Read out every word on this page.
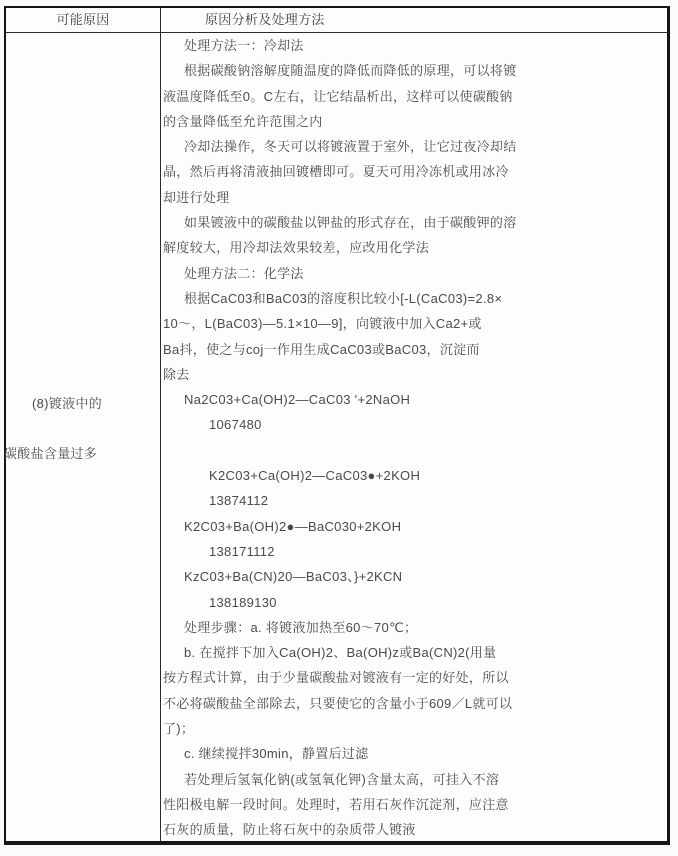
可能原因	原因分析及处理方法
(8)镀液中的
碳酸盐含量过多
处理方法一：冷却法
根据碳酸钠溶解度随温度的降低而降低的原理，可以将镀
液温度降低至0。C左右，让它结晶析出，这样可以使碳酸钠
的含量降低至允许范围之内
冷却法操作，冬天可以将镀液置于室外，让它过夜冷却结
晶，然后再将清液抽回镀槽即可。夏天可用冷冻机或用冰冷
却进行处理
如果镀液中的碳酸盐以钾盐的形式存在，由于碳酸钾的溶
解度较大，用冷却法效果较差，应改用化学法
处理方法二：化学法
根据CaC03和BaC03的溶度积比较小[-L(CaC03)=2.8×
10～，L(BaC03)—5.1×10—9]，向镀液中加入Ca2+或
Ba抖，使之与coj一作用生成CaC03或BaC03，沉淀而
除去
Na2C03+Ca(OH)2—CaC03 '+2NaOH
1067480
K2C03+Ca(OH)2—CaC03●+2KOH
13874112
K2C03+Ba(OH)2●—BaC030+2KOH
138171112
KzC03+Ba(CN)20—BaC03、}+2KCN
138189130
处理步骤：a. 将镀液加热至60～70℃；
b. 在搅拌下加入Ca(OH)2、Ba(OH)z或Ba(CN)2(用量
按方程式计算，由于少量碳酸盐对镀液有一定的好处，所以
不必将碳酸盐全部除去，只要使它的含量小于609／L就可以
了)；
c. 继续搅拌30min，静置后过滤
若处理后氢氧化钠(或氢氧化钾)含量太高，可挂入不溶
性阳极电解一段时间。处理时，若用石灰作沉淀剂，应注意
石灰的质量，防止将石灰中的杂质带人镀液
